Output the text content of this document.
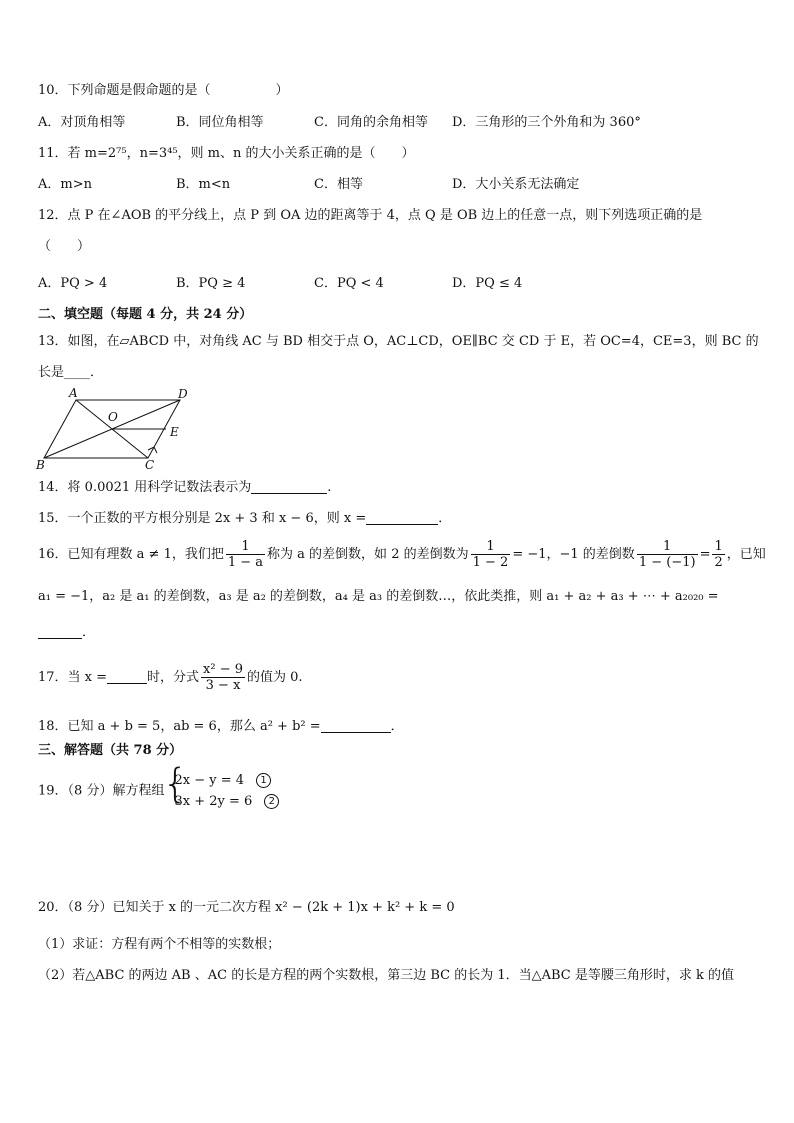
10．下列命题是假命题的是（　　　　　）
A．对顶角相等	B．同位角相等	C．同角的余角相等 D．三角形的三个外角和为 360°
11．若 m=2⁷⁵，n=3⁴⁵，则 m、n 的大小关系正确的是（　　）
A．m>n	B．m<n	C．相等	D．大小关系无法确定
12．点 P 在∠AOB 的平分线上，点 P 到 OA 边的距离等于 4，点 Q 是 OB 边上的任意一点，则下列选项正确的是
（　　）
A．PQ > 4	B．PQ ≥ 4	C．PQ < 4	D．PQ ≤ 4
二、填空题（每题 4 分，共 24 分）
13．如图，在▱ABCD 中，对角线 AC 与 BD 相交于点 O，AC⊥CD，OE∥BC 交 CD 于 E，若 OC=4，CE=3，则 BC 的
长是____．
A	D
O
E
B	C
14．将 0.0021 用科学记数法表示为	.
15．一个正数的平方根分别是 2x + 3 和 x − 6，则 x =	．
16．已知有理数 a ≠ 1，我们把 $\frac{1}{1 - a}$ 称为 a 的差倒数，如 2 的差倒数为 $\frac{1}{1 - 2} = -1$，−1 的差倒数 $\frac{1}{1 - (-1)} = \frac{1}{2}$ ，已知
a₁ = −1，a₂ 是 a₁ 的差倒数，a₃ 是 a₂ 的差倒数，a₄ 是 a₃ 的差倒数…，依此类推，则 a₁ + a₂ + a₃ + ⋯ + a₂₀₂₀ =
．
17．当 x =	时，分式 $\frac{\text{x² − 9}}{3 - x}$ 的值为 0.
18．已知 a + b = 5，ab = 6，那么 a² + b² =	．
三、解答题（共 78 分）
19．（8 分）解方程组
{
2x − y = 4 1
3x + 2y = 6 2
20．（8 分）已知关于 x 的一元二次方程 x² − (2k + 1)x + k² + k = 0
（1）求证：方程有两个不相等的实数根；
（2）若△ABC 的两边 AB 、AC 的长是方程的两个实数根，第三边 BC 的长为 1．当△ABC 是等腰三角形时，求 k 的值
